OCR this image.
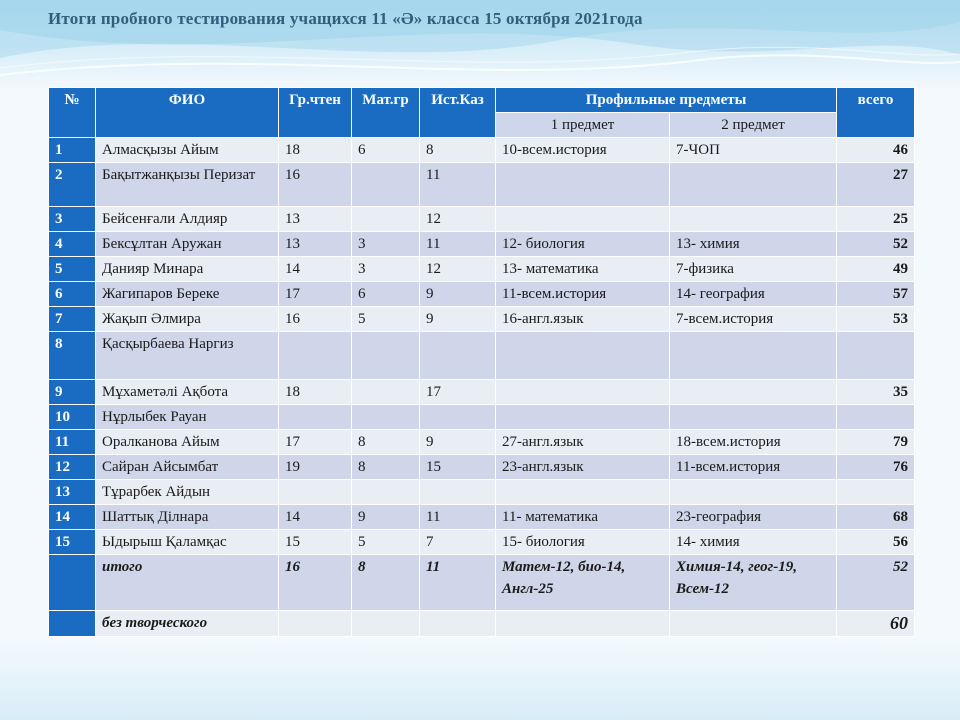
Итоги пробного тестирования учащихся 11 «Ә» класса 15 октября 2021года
№	ФИО	Гр.чтен	Мат.гр	Ист.Каз	Профильные предметы		всего
					1 предмет	2 предмет	
1	Алмасқызы Айым	18	6	8	10-всем.история	7-ЧОП	46
2	Бақытжанқызы Перизат	16		11			27
3	Бейсенғали Алдияр	13		12			25
4	Бексұлтан Аружан	13	3	11	12- биология	13- химия	52
5	Данияр Минара	14	3	12	13- математика	7-физика	49
6	Жагипаров Береке	17	6	9	11-всем.история	14- география	57
7	Жақып Әлмира	16	5	9	16-англ.язык	7-всем.история	53
8	Қасқырбаева Наргиз						
9	Мұхаметәлі Ақбота	18		17			35
10	Нұрлыбек Рауан						
11	Оралканова Айым	17	8	9	27-англ.язык	18-всем.история	79
12	Сайран Айсымбат	19	8	15	23-англ.язык	11-всем.история	76
13	Тұрарбек Айдын						
14	Шаттық Ділнара	14	9	11	11- математика	23-география	68
15	Ыдырыш Қаламқас	15	5	7	15- биология	14- химия	56
	итого	16	8	11	Матем-12, био-14, Англ-25	Химия-14, геог-19, Всем-12	52
	без творческого						60
